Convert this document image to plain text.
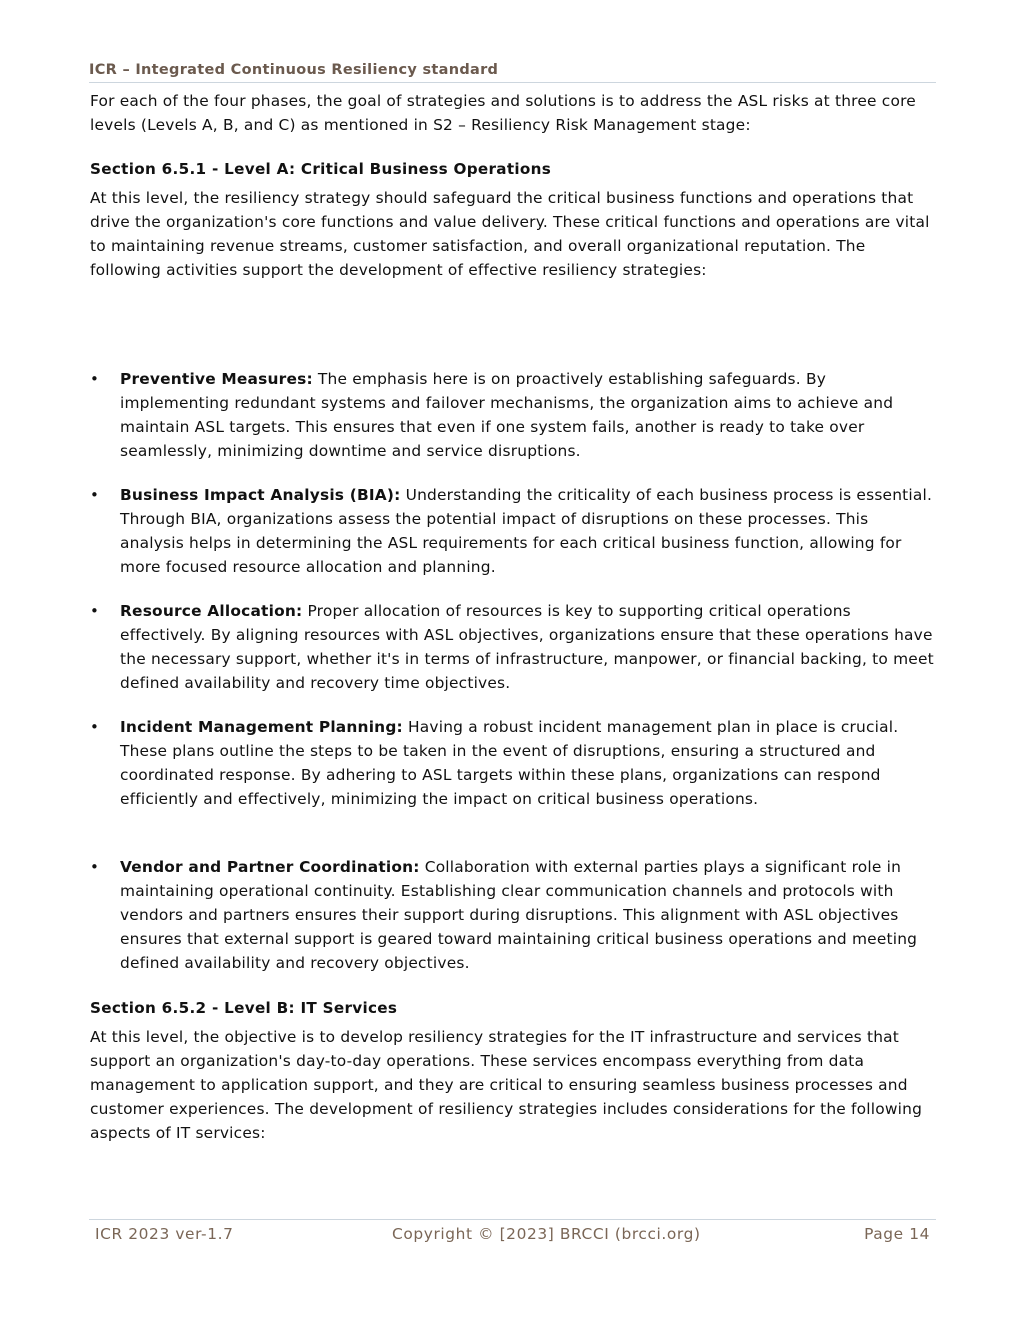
ICR – Integrated Continuous Resiliency standard

For each of the four phases, the goal of strategies and solutions is to address the ASL risks at three core levels (Levels A, B, and C) as mentioned in S2 – Resiliency Risk Management stage:

Section 6.5.1 - Level A: Critical Business Operations

At this level, the resiliency strategy should safeguard the critical business functions and operations that drive the organization's core functions and value delivery. These critical functions and operations are vital to maintaining revenue streams, customer satisfaction, and overall organizational reputation. The following activities support the development of effective resiliency strategies:

•	Preventive Measures: The emphasis here is on proactively establishing safeguards. By implementing redundant systems and failover mechanisms, the organization aims to achieve and maintain ASL targets. This ensures that even if one system fails, another is ready to take over seamlessly, minimizing downtime and service disruptions.
•	Business Impact Analysis (BIA): Understanding the criticality of each business process is essential. Through BIA, organizations assess the potential impact of disruptions on these processes. This analysis helps in determining the ASL requirements for each critical business function, allowing for more focused resource allocation and planning.
•	Resource Allocation: Proper allocation of resources is key to supporting critical operations effectively. By aligning resources with ASL objectives, organizations ensure that these operations have the necessary support, whether it's in terms of infrastructure, manpower, or financial backing, to meet defined availability and recovery time objectives.
•	Incident Management Planning: Having a robust incident management plan in place is crucial. These plans outline the steps to be taken in the event of disruptions, ensuring a structured and coordinated response. By adhering to ASL targets within these plans, organizations can respond efficiently and effectively, minimizing the impact on critical business operations.
•	Vendor and Partner Coordination: Collaboration with external parties plays a significant role in maintaining operational continuity. Establishing clear communication channels and protocols with vendors and partners ensures their support during disruptions. This alignment with ASL objectives ensures that external support is geared toward maintaining critical business operations and meeting defined availability and recovery objectives.
Section 6.5.2 - Level B: IT Services

At this level, the objective is to develop resiliency strategies for the IT infrastructure and services that support an organization's day-to-day operations. These services encompass everything from data management to application support, and they are critical to ensuring seamless business processes and customer experiences. The development of resiliency strategies includes considerations for the following aspects of IT services:

ICR 2023 ver-1.7	Copyright © [2023] BRCCI (brcci.org)	Page 14
